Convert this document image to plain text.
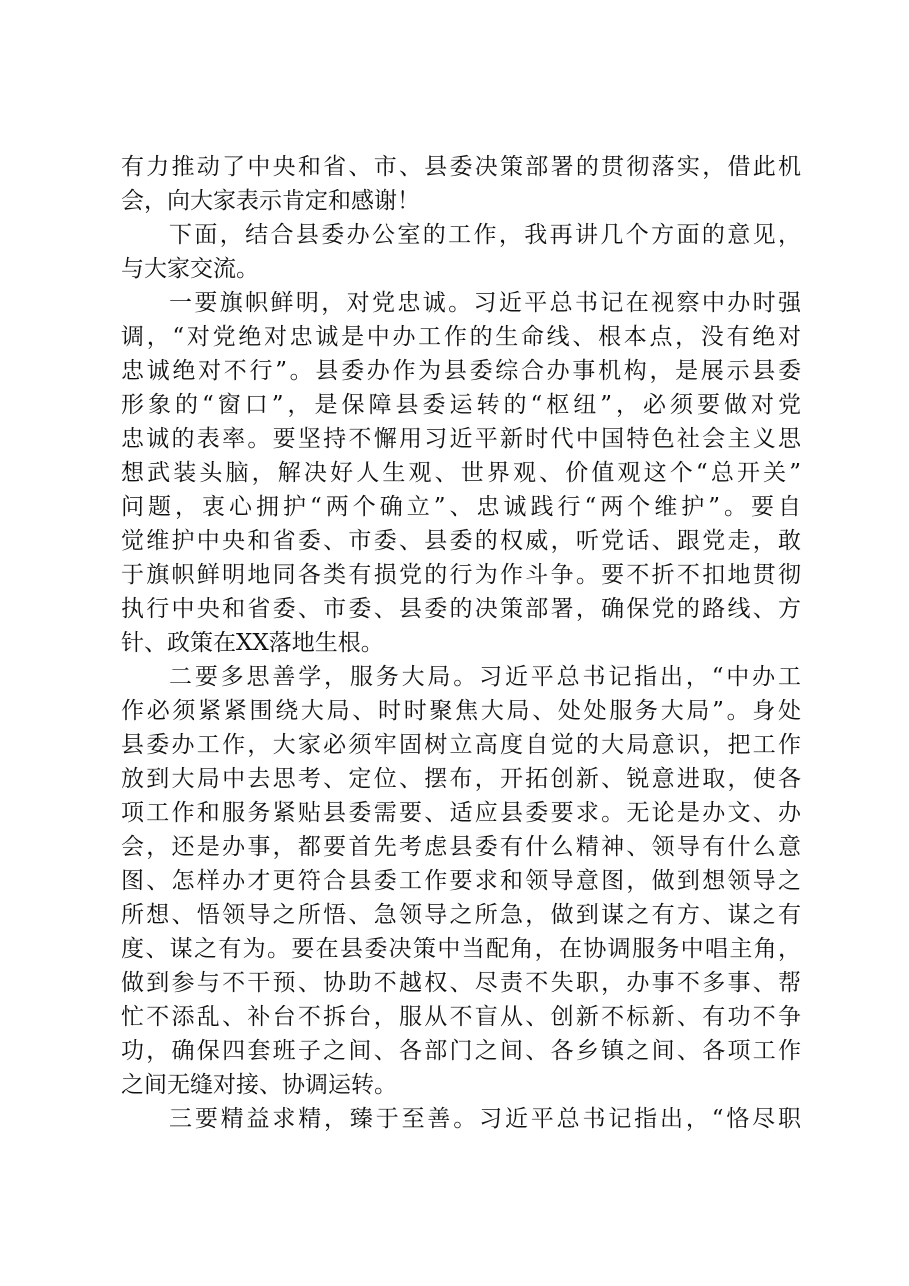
有力推动了中央和省、市、县委决策部署的贯彻落实，借此机
会，向大家表示肯定和感谢！
下面，结合县委办公室的工作，我再讲几个方面的意见，
与大家交流。
一要旗帜鲜明，对党忠诚。习近平总书记在视察中办时强
调，“对党绝对忠诚是中办工作的生命线、根本点，没有绝对
忠诚绝对不行”。县委办作为县委综合办事机构，是展示县委
形象的“窗口”，是保障县委运转的“枢纽”，必须要做对党
忠诚的表率。要坚持不懈用习近平新时代中国特色社会主义思
想武装头脑，解决好人生观、世界观、价值观这个“总开关”
问题，衷心拥护“两个确立”、忠诚践行“两个维护”。要自
觉维护中央和省委、市委、县委的权威，听党话、跟党走，敢
于旗帜鲜明地同各类有损党的行为作斗争。要不折不扣地贯彻
执行中央和省委、市委、县委的决策部署，确保党的路线、方
针、政策在XX落地生根。
二要多思善学，服务大局。习近平总书记指出，“中办工
作必须紧紧围绕大局、时时聚焦大局、处处服务大局”。身处
县委办工作，大家必须牢固树立高度自觉的大局意识，把工作
放到大局中去思考、定位、摆布，开拓创新、锐意进取，使各
项工作和服务紧贴县委需要、适应县委要求。无论是办文、办
会，还是办事，都要首先考虑县委有什么精神、领导有什么意
图、怎样办才更符合县委工作要求和领导意图，做到想领导之
所想、悟领导之所悟、急领导之所急，做到谋之有方、谋之有
度、谋之有为。要在县委决策中当配角，在协调服务中唱主角，
做到参与不干预、协助不越权、尽责不失职，办事不多事、帮
忙不添乱、补台不拆台，服从不盲从、创新不标新、有功不争
功，确保四套班子之间、各部门之间、各乡镇之间、各项工作
之间无缝对接、协调运转。
三要精益求精，臻于至善。习近平总书记指出，“恪尽职
